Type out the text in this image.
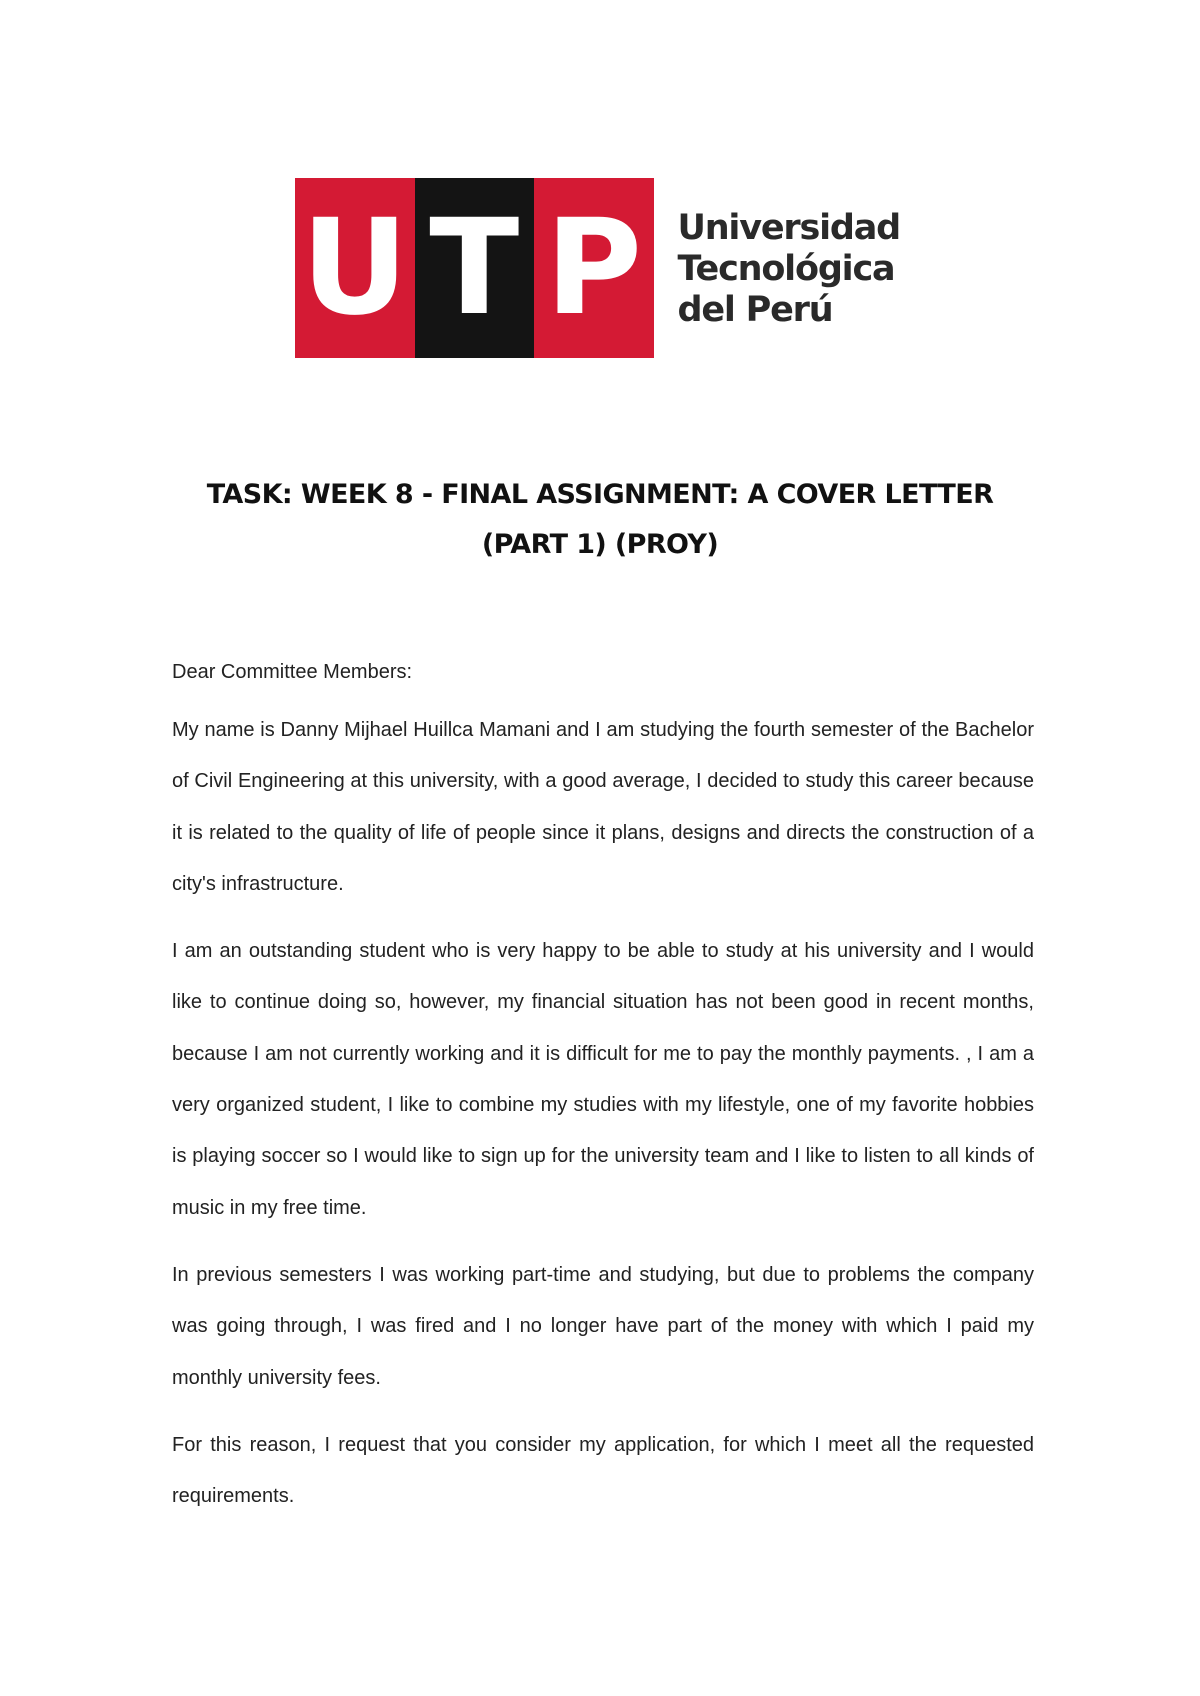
U T P Universidad
Tecnológica
del Perú
TASK: WEEK 8 - FINAL ASSIGNMENT: A COVER LETTER
(PART 1) (PROY)

Dear Committee Members:

My name is Danny Mijhael Huillca Mamani and I am studying the fourth semester of the Bachelor of Civil Engineering at this university, with a good average, I decided to study this career because it is related to the quality of life of people since it plans, designs and directs the construction of a city's infrastructure.

I am an outstanding student who is very happy to be able to study at his university and I would like to continue doing so, however, my financial situation has not been good in recent months, because I am not currently working and it is difficult for me to pay the monthly payments. , I am a very organized student, I like to combine my studies with my lifestyle, one of my favorite hobbies is playing soccer so I would like to sign up for the university team and I like to listen to all kinds of music in my free time.

In previous semesters I was working part-time and studying, but due to problems the company was going through, I was fired and I no longer have part of the money with which I paid my monthly university fees.

For this reason, I request that you consider my application, for which I meet all the requested requirements.
